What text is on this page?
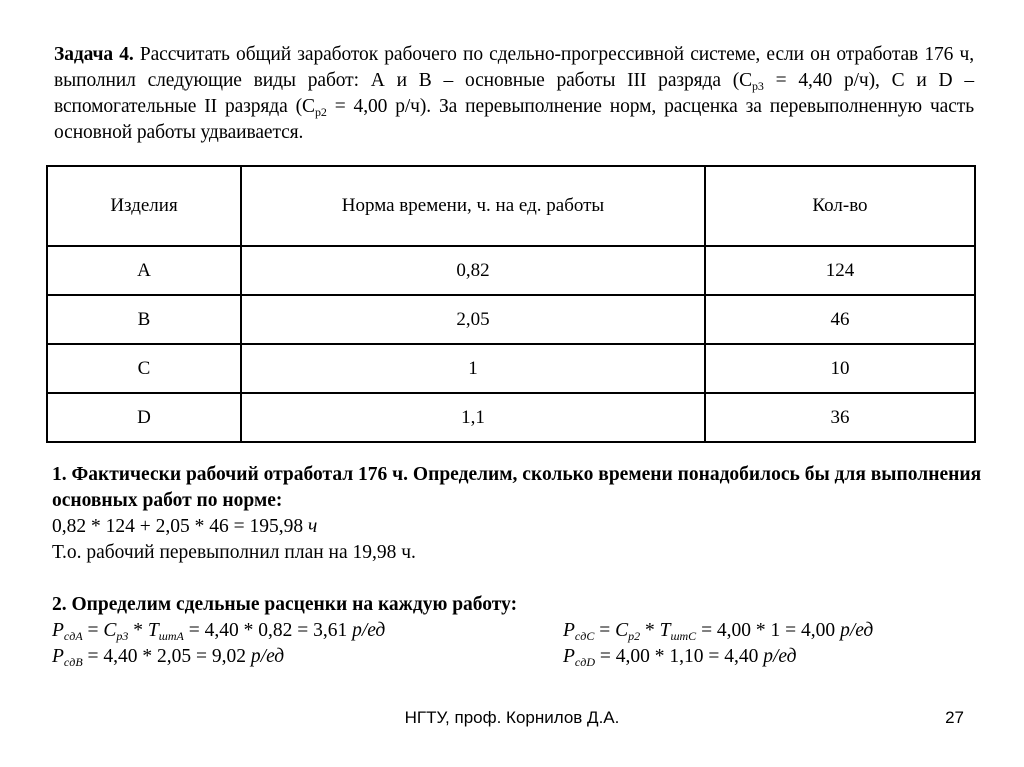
Задача 4. Рассчитать общий заработок рабочего по сдельно-прогрессивной системе, если он отработав 176 ч, выполнил следующие виды работ: А и В – основные работы III разряда ($С_{р3} = 4,40$ р/ч), С и D – вспомогательные II разряда ($С_{р2} = 4,00$ р/ч). За перевыполнение норм, расценка за перевыполненную часть основной работы удваивается.
Изделия	Норма времени, ч. на ед. работы	Кол-во
A	0,82	124
B	2,05	46
C	1	10
D	1,1	36

1. Фактически рабочий отработал 176 ч. Определим, сколько времени понадобилось бы для выполнения основных работ по норме:

0,82 * 124 + 2,05 * 46 = 195,98 ч

Т.о. рабочий перевыполнил план на 19,98 ч.

2. Определим сдельные расценки на каждую работу:

$Р_{сдА} = С_{р3} * Т_{штА} = 4,40 * 0,82 = 3,61$ р/ед	$Р_{сдС} = С_{р2} * Т_{штС} = 4,00 * 1 = 4,00$ р/ед
$Р_{сдВ} = 4,40 * 2,05 = 9,02$ р/ед	$Р_{сдD} = 4,00 * 1,10 = 4,40$ р/ед
НГТУ, проф. Корнилов Д.А.	27
